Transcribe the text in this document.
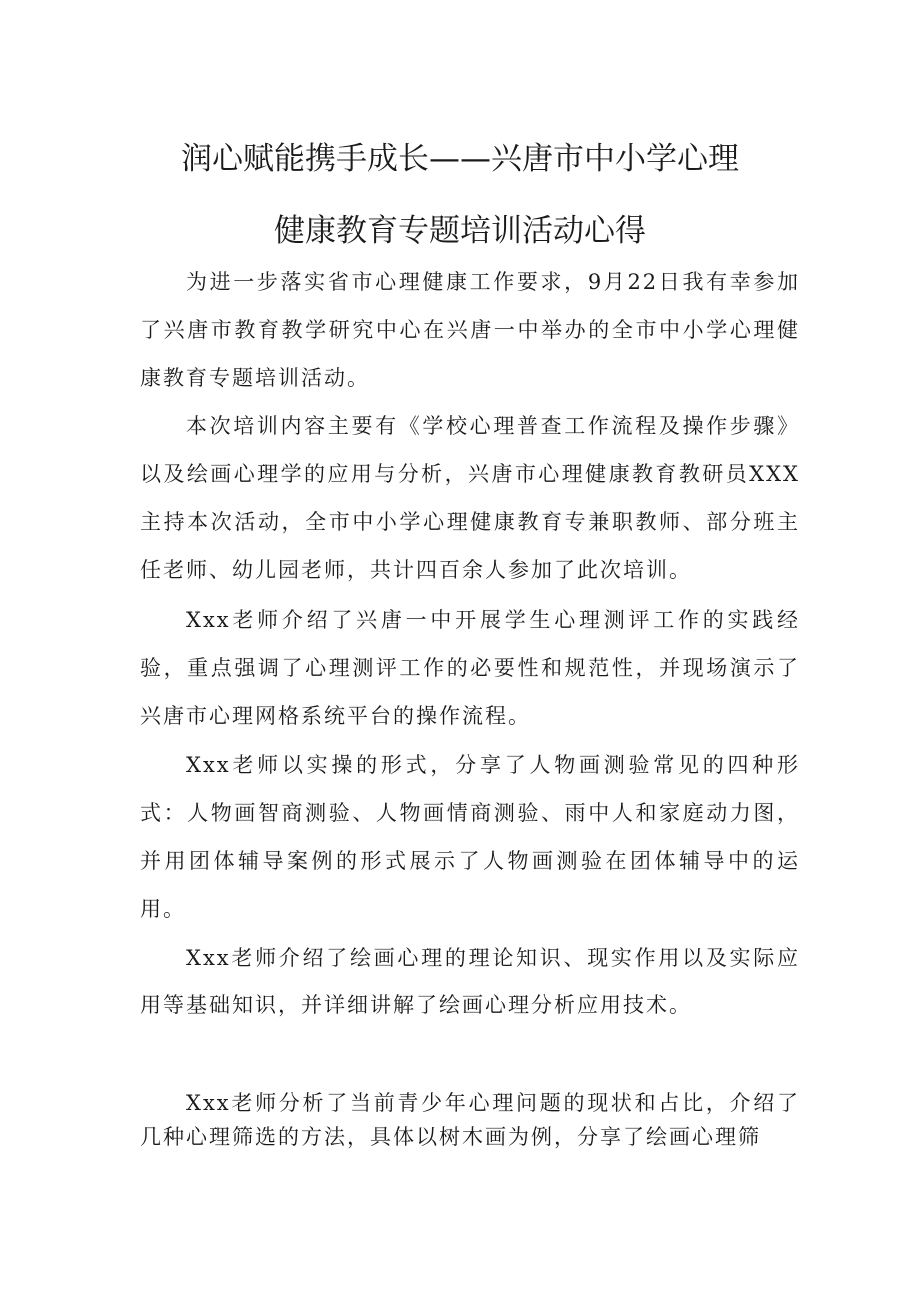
润心赋能携手成长——兴唐市中小学心理
健康教育专题培训活动心得

为进一步落实省市心理健康工作要求，9月22日我有幸参加了兴唐市教育教学研究中心在兴唐一中举办的全市中小学心理健康教育专题培训活动。

本次培训内容主要有《学校心理普查工作流程及操作步骤》以及绘画心理学的应用与分析，兴唐市心理健康教育教研员XXX主持本次活动，全市中小学心理健康教育专兼职教师、部分班主任老师、幼儿园老师，共计四百余人参加了此次培训。

Xxx老师介绍了兴唐一中开展学生心理测评工作的实践经验，重点强调了心理测评工作的必要性和规范性，并现场演示了兴唐市心理网格系统平台的操作流程。

Xxx老师以实操的形式，分享了人物画测验常见的四种形式：人物画智商测验、人物画情商测验、雨中人和家庭动力图，并用团体辅导案例的形式展示了人物画测验在团体辅导中的运用。

Xxx老师介绍了绘画心理的理论知识、现实作用以及实际应用等基础知识，并详细讲解了绘画心理分析应用技术。

Xxx老师分析了当前青少年心理问题的现状和占比，介绍了几种心理筛选的方法，具体以树木画为例，分享了绘画心理筛
